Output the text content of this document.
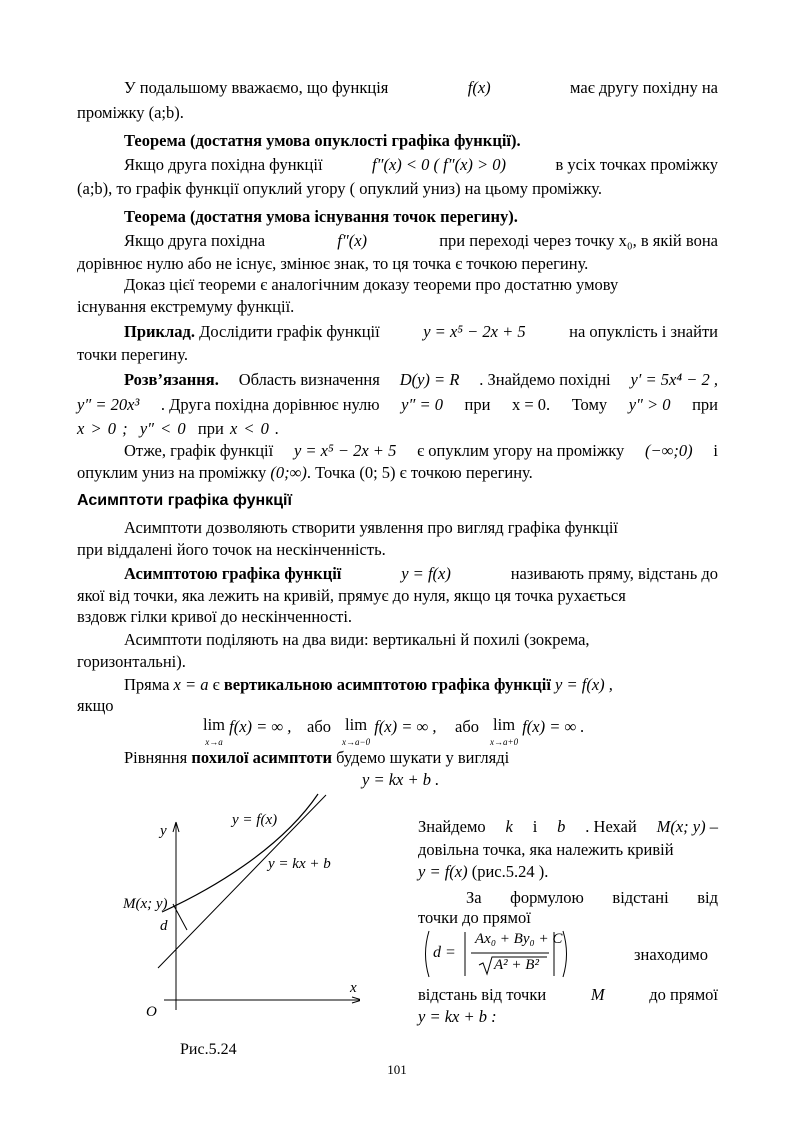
У подальшому вважаємо, що функція	f(x)	має другу похідну на
проміжку (a;b).
Теорема (достатня умова опуклості графіка функції).
Якщо друга похідна функції	f″(x) < 0 ( f″(x) > 0)	в усіх точках проміжку
(a;b), то графік функції опуклий угору ( опуклий униз) на цьому проміжку.
Теорема (достатня умова існування точок перегину).
Якщо друга похідна	f″(x)	при переході через точку x₀, в якій вона
дорівнює нулю або не існує, змінює знак, то ця точка є точкою перегину.
Доказ цієї теореми є аналогічним доказу теореми про достатню умову
існування екстремуму функції.
Приклад. Дослідити графік функції	y = x⁵ − 2x + 5	на опуклість і знайти
точки перегину.
Розв’язання. Область визначення D(y) = R . Знайдемо похідні y′ = 5x⁴ − 2 ,
y″ = 20x³ . Друга похідна дорівнює нулю y″ = 0 при x = 0. Тому y″ > 0 при
x > 0 ; y″ < 0 при x < 0 .
Отже, графік функції y = x⁵ − 2x + 5 є опуклим угору на проміжку (−∞;0) і
опуклим униз на проміжку (0;∞). Точка (0; 5) є точкою перегину.
Асимптоти графіка функції
Асимптоти дозволяють створити уявлення про вигляд графіка функції
при віддалені його точок на нескінченність.
Асимптотою графіка функції	y = f(x)	називають пряму, відстань до
якої від точки, яка лежить на кривій, прямує до нуля, якщо ця точка рухається
вздовж гілки кривої до нескінченності.
Асимптоти поділяють на два види: вертикальні й похилі (зокрема,
горизонтальні).
Пряма x = a є вертикальною асимптотою графіка функції y = f(x) ,
якщо
lim
x→a f(x) = ∞ , або lim
x→a−0 f(x) = ∞ , або lim
x→a+0 f(x) = ∞ .
Рівняння похилої асимптоти будемо шукати у вигляді
y = kx + b .
y
x
O
y = f(x)
y = kx + b
M(x; y)
d
Рис.5.24
Знайдемо k і b . Нехай M(x; y) –
довільна точка, яка належить кривій
y = f(x) (рис.5.24 ).
За формулою відстані від
точки до прямої
d =
Ax₀ + By₀ + C
A² + B²
знаходимо
відстань від точки	M	до прямої
y = kx + b :
101
